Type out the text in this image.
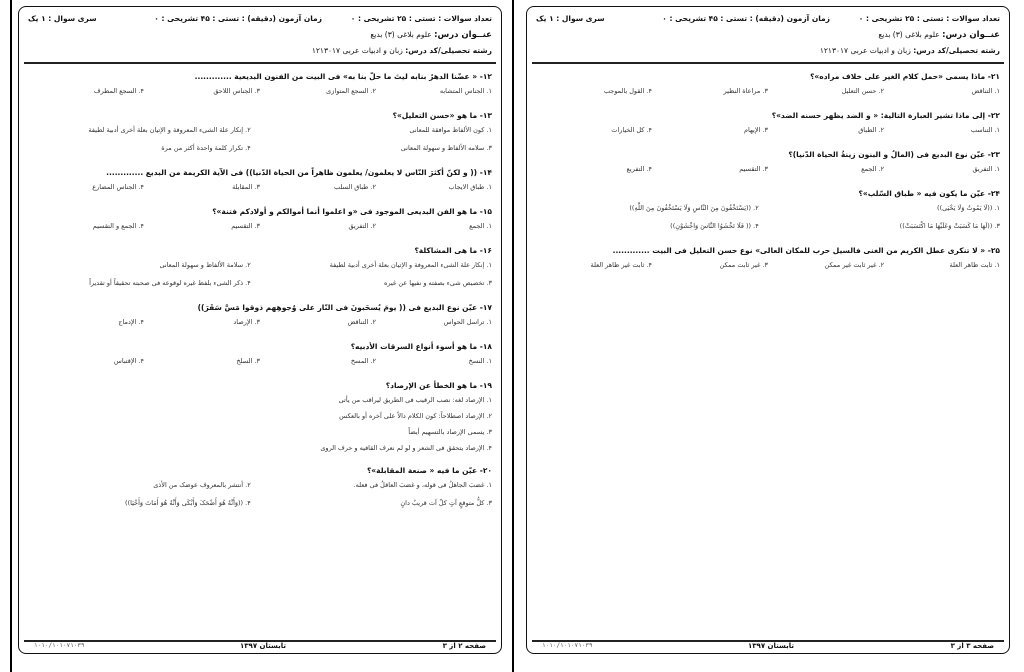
تعداد سوالات : تستی : ۲۵ تشریحی : ۰
زمان آزمون (دقیقه) : تستی : ۴۵ تشریحی : ۰
سری سوال : ۱ یک
عنــوان درس: علوم بلاغی (۳) بدیع
رشته تحصیلی/کد درس: زبان و ادبیات عربی ۱۲۱۳۰۱۷
۱۲- « عضّنا الدهرُ بنابه لیتَ ما حلّ بنا به» فی البیت من الفنون البدیعیة .............
۱. الجناس المتشابه
۲. السجع المتوازی
۳. الجناس اللاحق
۴. السجع المطرف
۱۳- ما هو «حسن التعلیل»؟
۱. کون الألفاظ موافقة للمعانی
۲. إنکار علة الشیء المعروفة و الإتیان بعلة أخری أدبیة لطیفة
۳. سلامه الألفاظ و سهولة المعانی
۴. تکرار کلمة واحدة أکثر من مرة
۱۴- (( و لکنّ أکثرَ النّاس لا یعلمون/ یعلمون ظاهراً من الحیاة الدّنیا)) فی الآیة الکریمة من البدیع .............
۱. طباق الایجاب
۲. طباق السلب
۳. المقابلة
۴. الجناس المضارع
۱۵- ما هو الفن البدیعی الموجود فی «و اعلموا أنما أموالکم و أولادکم فتنة»؟
۱. الجمع
۲. التفریق
۳. التقسیم
۴. الجمع و التقسیم
۱۶- ما هی المشاکلة؟
۱. إنکار علة الشیء المعروفة و الإتیان بعلة أخری أدبیة لطیفة
۲. سلامة الألفاظ و سهولة المعانی
۳. تخصیص شیء بصفته و نفیها عن غیره
۴. ذکر الشیء بلفظ غیره لوقوعه فی صحبته تحقیقاً أو تقدیراً
۱۷- عیّن نوع البدیع فی (( یومَ یُسحَبونَ فی النّار علی وُجوهِهم ذوقوا مَسَّ سَقَرَ))
۱. تراسل الحواس
۲. التناقض
۳. الإرصاد
۴. الإدماج
۱۸- ما هو أسوء أنواع السرقات الأدبیه؟
۱. النسخ
۲. المسخ
۳. السلخ
۴. الإقتباس
۱۹- ما هو الخطأ عن الإرصاد؟
۱. الإرصاد لغه: نصب الرقیب فی الطریق لیراقب من یأتی
۲. الإرصاد اصطلاحاً: کون الکلام دالاً علی آخره أو بالعکس
۳. یسمی الإرصاد بالتسهیم أیضاً
۴. الإرصاد یتحقق فی الشعر و لو لم نعرف القافیه و حرف الروی
۲۰- عیّن ما فیه « صنعة المقابلة»؟
۱. غضبَ الجاهلُ فی قوله، و غضبَ العاقلُ فی فعله.
۲. أنتشر بالمعروف عوضک من الأذی
۳. کلُّ متوقعٍ آتٍ کلّ آت قریبٌ دانٍ
۴. ((وَأَنَّهُ هُوَ أَضْحَکَ وَأَبْکَی وَأَنَّهُ هُوَ أَمَاتَ وَأَحْیَا))
صفحه ۲ از ۳
تابستان ۱۳۹۷
۱۰۱۰/۱۰۱۰۷۱۰۳۹
تعداد سوالات : تستی : ۲۵ تشریحی : ۰
زمان آزمون (دقیقه) : تستی : ۴۵ تشریحی : ۰
سری سوال : ۱ یک
عنــوان درس: علوم بلاغی (۳) بدیع
رشته تحصیلی/کد درس: زبان و ادبیات عربی ۱۲۱۳۰۱۷
۲۱- ماذا یسمی «حمل کلام الغیر علی خلاف مراده»؟
۱. التناقض
۲. حسن التعلیل
۳. مراعاة النظیر
۴. القول بالموجب
۲۲- إلی ماذا تشیر العبارة التالیة: « و الضد یظهر حسنه الضد»؟
۱. التناسب
۲. الطباق
۳. الإیهام
۴. کل الخیارات
۲۳- عیّن نوع البدیع فی (المالُ و البنون زینةُ الحیاة الدّنیا)؟
۱. التفریق
۲. الجمع
۳. التقسیم
۴. التفریع
۲۴- عیّن ما یکون فیه « طباق السّلب»؟
۱. ((لَا یَمُوتُ وَلَا یَحْیَی))
۲. ((یَسْتَخْفُونَ مِنَ النَّاسِ وَلَا یَسْتَخْفُونَ مِنَ اللَّهِ))
۳. ((لَهَا مَا کَسَبَتْ وَعَلَیْهَا مَا اکْتَسَبَتْ))
۴. (( فَلَا تَخْشَوُا النَّاسَ وَاخْشَوْنِ))
۲۵- « لا تنکری عطل الکریم من الغنی فالسیل حرب للمکان العالی» نوع حسن التعلیل فی البیت .............
۱. ثابت ظاهر العلة
۲. غیر ثابت غیر ممکن
۳. غیر ثابت ممکن
۴. ثابت غیر ظاهر العلة
صفحه ۳ از ۳
تابستان ۱۳۹۷
۱۰۱۰/۱۰۱۰۷۱۰۳۹
